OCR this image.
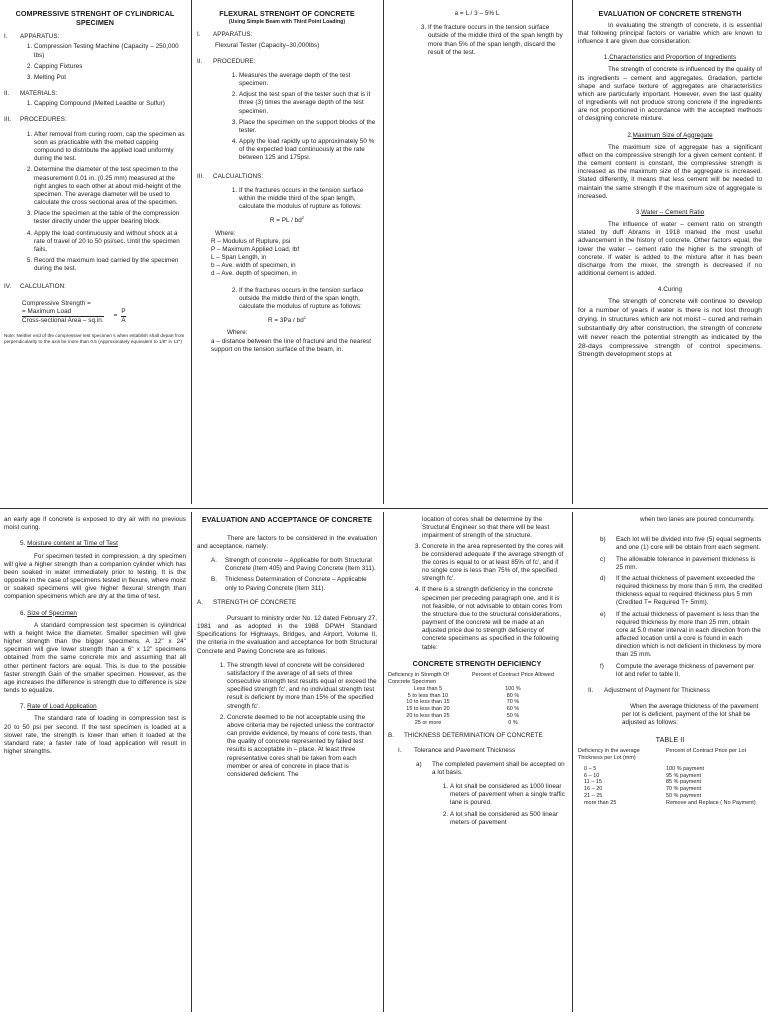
COMPRESSIVE STRENGHT OF CYLINDRICAL SPECIMEN
I. APPARATUS:
1. Compression Testing Machine (Capacity – 250,000 lbs)
2. Capping Fixtures
3. Melting Pot
II. MATERIALS:
1. Capping Compound (Melted Leadite or Sulfur)
III. PROCEDURES:
1. After removal from curing room, cap the specimen as soon as practicable with the melted capping compound to distribute the applied load uniformly during the test.
2. Determine the diameter of the test specimen to the measurement 0.01 in. (0.25 mm) measured at the right angles to each other at about mid-height of the specimen. The average diameter will be used to calculate the cross sectional area of the specimen.
3. Place the specimen at the table of the compression tester directly under the upper bearing block.
4. Apply the load continuously and without shock at a rate of travel of 20 to 50 psi/sec. Until the specimen fails.
5. Record the maximum load carried by the specimen during the test.
IV. CALCULATION:
Compressive Strength =
$\frac{\text{= Maximum Load}}{\text{Cross-sectional Area – sq.in.}} = \frac{P}{A}$

Note: Neither end of the compressive test specimen s when establish shall depart from perpendicularity to the axis be more than 0.5 (Approximately equivalent to 1/8" in 12")

FLEXURAL STRENGHT OF CONCRETE
(Using Simple Beam with Third Point Loading)
I. APPARATUS:
Flexural Tester (Capacity–30,000lbs)
II. PROCEDURE:
1. Measures the average depth of the test specimen.
2. Adjust the test span of the tester such that is it three (3) times the average depth of the test specimen.
3. Place the specimen on the support blocks of the tester.
4. Apply the load rapidly up to approximately 50 % of the expected load continuously at the rate between 125 and 175psi.
III. CALCUALTIONS:
1. If the fractures occurs in the tension surface within the middle third of the span length, calculate the modulus of rupture as follows:
R = PL / $bd^2$
Where:
R – Modulus of Rupture, psi
P – Maximum Applied Load, lbf
L – Span Length, in
b – Ave. width of specimen, in
d – Ave. depth of specimen, in
2. If the fractures occurs in the tension surface outside the middle third of the span length, calculate the modulus of rupture as follows:
$R = 3Pa / bd^2$
Where:
a – distance between the line of fracture and the nearest support on the tension surface of the beam, in.
a = L / 3 – 5% L
3. If the fracture occurs in the tension surface outside of the middle third of the span length by more than 5% of the span length, discard the result of the test.
EVALUATION OF CONCRETE STRENGTH

In evaluating the strength of concrete, it is essential that following principal factors or variable which are known to influence it are given due consideration:

1.Characteristics and Proportion of Ingredients

The strength of concrete is influenced by the quality of its ingredients – cement and aggregates. Gradation, particle shape and surface texture of aggregates are characteristics which are particularly important. However, even the last quality of ingredients will not produce strong concrete if the ingredients are not proportioned in accordance with the accepted methods of designing concrete mixture.

2.Maximum Size of Aggregate

The maximum size of aggregate has a significant effect on the compressive strength for a given cement content. If the cement content is constant, the compressive strength is increased as the maximum size of the aggregate is increased. Stated differently, it means that less cement will be needed to maintain the same strength if the maximum size of aggregate is increased.

3.Water – Cement Ratio

The influence of water – cement ratio on strength stated by duff Abrams in 1918 marked the most useful advancement in the history of concrete. Other factors equal, the lower the water – cement ratio the higher is the strength of concrete. If water is added to the mixture after it has been discharge from the mixer, the strength is decreased if no additional cement is added.

4.Curing

The strength of concrete will continue to develop for a number of years if water is there is not lost through drying. In structures which are not moist – cured and remain substantially dry after construction, the strength of concrete will never reach the potential strength as indicated by the 28-days compressive strength of control specimens. Strength development stops at

an early age if concrete is exposed to dry air with no previous moist curing.

5. Moisture content at Time of Test

For specimen tested in compression, a dry specimen will give a higher strength than a companion cylinder which has been soaked in water immediately prior to testing. It is the opposite in the case of specimens tested in flexure, where moist or soaked specimens will give higher flexural strength than companion specimens which are dry at the time of test.

6. Size of Specimen

A standard compression test specimen is cylindrical with a height twice the diameter. Smaller specimen will give higher strength than the bigger specimens. A 12" x 24" specimen will give lower strength than a 6" x 12" specimens obtained from the same concrete mix and assuming that all other pertinent factors are equal. This is due to the possible faster strength Gain of the smaller specimen. However, as the age increases the difference is strength due to difference is size tends to equalize.

7. Rate of Load Application

The standard rate of loading in compression test is 20 to 50 psi per second. If the test specimen is loaded at a slower rate, the strength is lower than when it loaded at the standard rate; a faster rate of load application will result in higher strengths.

EVALUATION AND ACCEPTANCE OF CONCRETE

There are factors to be considered in the evaluation and acceptance, namely:

A.	Strength of concrete – Applicable for both Structural Concrete (Item 405) and Paving Concrete (Item 311).
B.	Thickness Determination of Concrete – Applicable only to Paving Concrete (Item 311).
A. STRENGTH OF CONCRETE

Pursuant to ministry order No. 12 dated February 27, 1981 and as adopted in the 1988 DPWH Standard Specifications for Highways, Bridges, and Airport, Volume II, the criteria in the evaluation and acceptance for both Structural Concrete and Paving Concrete are as follows:

1. The strength level of concrete will be considered satisfactory if the average of all sets of three consecutive strength test results equal or exceed the specified strength fc', and no individual strength test result is deficient by more than 15% of the specified strength fc'.
2. Concrete deemed to be not acceptable using the above criteria may be rejected unless the contractor can provide evidence, by means of core tests, than the quality of concrete represented by failed test results is acceptable in – place. At least three representative cores shall be taken from each member or area of concrete in place that is considered deficient. The
location of cores shall be determine by the Structural Engineer so that there will be least impairment of strength of the structure.
3. Concrete in the area represented by the cores will be considered adequate if the average strength of the cores is equal to or at least 85% of fc', and if no single core is less than 75% of, the specified strength fc'.
4. If there is a strength deficiency in the concrete specimen per preceding paragraph one, and it is not feasible, or not advisable to obtain cores from the structure due to the structural considerations, payment of the concrete will be made at an adjusted price due to strength deficiency of concrete specimens as specified in the following table:
CONCRETE STRENGTH DEFICIENCY
Deficiency in Strength Of Concrete Specimen	Percent of Contract Price Allowed
Less than 5	100 %
5 to less than 10	80 %
10 to less than 15	70 %
15 to less than 20	60 %
20 to less than 25	50 %
25 or more	0 %
B.	THICKNESS DETERMINATION OF CONCRETE
I.	Tolerance and Pavement Thickness
a)	The completed pavement shall be accepted on a lot basis.
1. A lot shall be considered as 1000 linear meters of pavement when a single traffic lane is poured.
2. A lot shall be considered as 500 linear meters of pavement
when two lanes are poured concurrently.
b)	Each lot will be divided into five (5) equal segments and one (1) core will be obtain from each segment.
c)	The allowable tolerance in pavement thickness is 25 mm.
d)	If the actual thickness of pavement exceeded the required thickness by more than 5 mm, the credited thickness equal to required thickness plus 5 mm (Credited T= Required T+ 5mm).
e)	If the actual thickness of pavement is less than the required thickness by more than 25 mm, obtain core at 5.0 meter interval in each direction from the affected location until a core is found in each direction which is not deficient in thickness by more than 25 mm.
f)	Compute the average thickness of pavement per lot and refer to table II.
II.	Adjustment of Payment for Thickness

When the average thickness of the pavement per lot is deficient, payment of the lot shall be adjusted as follows:

TABLE II
Deficiency in the average Thickness per Lot (mm)	Percent of Contract Price per Lot

0 – 5	100 % payment
6 – 10	95 % payment
11 – 15	85 % payment
16 – 20	70 % payment
21 – 25	50 % payment
more than 25	Remove and Replace ( No Payment)
